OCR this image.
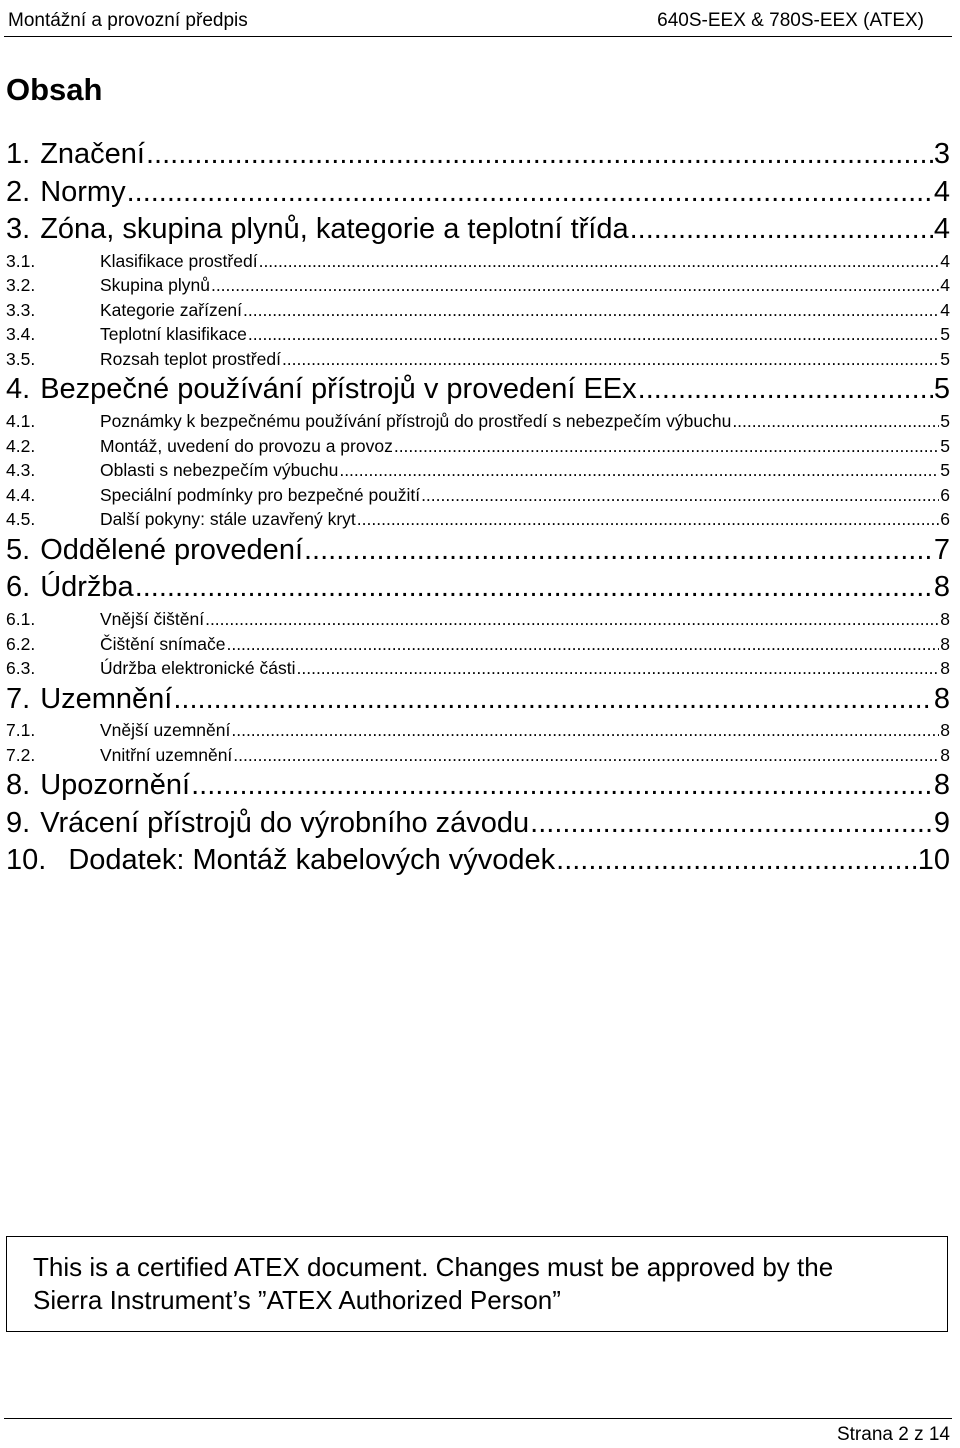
Montážní a provozní předpis	640S-EEX & 780S-EEX (ATEX)
Obsah
1. Značení .....	3
2. Normy .....	4
3. Zóna, skupina plynů, kategorie a teplotní třída .....	4
3.1.	Klasifikace prostředí .....	4
3.2.	Skupina plynů .....	4
3.3.	Kategorie zařízení .....	4
3.4.	Teplotní klasifikace .....	5
3.5.	Rozsah teplot prostředí .....	5
4. Bezpečné používání přístrojů v provedení EEx .....	5
4.1.	Poznámky k bezpečnému používání přístrojů do prostředí s nebezpečím výbuchu .....	5
4.2.	Montáž, uvedení do provozu a provoz .....	5
4.3.	Oblasti s nebezpečím výbuchu .....	5
4.4.	Speciální podmínky pro bezpečné použití .....	6
4.5.	Další pokyny: stále uzavřený kryt .....	6
5. Oddělené provedení .....	7
6. Údržba .....	8
6.1.	Vnější čištění .....	8
6.2.	Čištění snímače .....	8
6.3.	Údržba elektronické části .....	8
7. Uzemnění .....	8
7.1.	Vnější uzemnění .....	8
7.2.	Vnitřní uzemnění .....	8
8. Upozornění .....	8
9. Vrácení přístrojů do výrobního závodu .....	9
10. Dodatek: Montáž kabelových vývodek .....	10
This is a certified ATEX document. Changes must be approved by the
Sierra Instrument’s ”ATEX Authorized Person”
Strana 2 z 14
